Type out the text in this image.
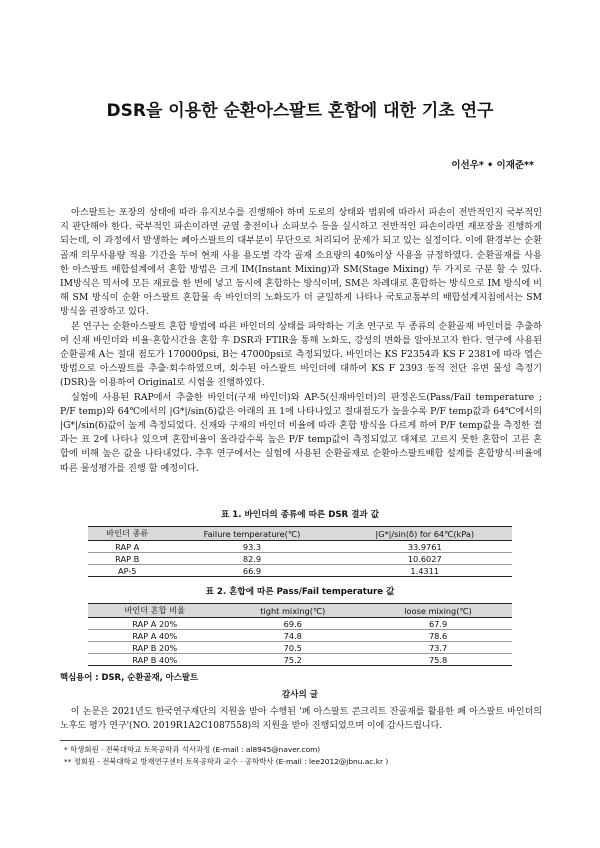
DSR을 이용한 순환아스팔트 혼합에 대한 기초 연구
이선우* • 이재준**

아스팔트는 포장의 상태에 따라 유지보수를 진행해야 하며 도로의 상태와 범위에 따라서 파손이 전반적인지 국부적인지 판단해야 한다. 국부적인 파손이라면 균열 충전이나 소파보수 등을 실시하고 전반적인 파손이라면 재포장을 진행하게 되는데, 이 과정에서 발생하는 폐아스팔트의 대부분이 무단으로 처리되어 문제가 되고 있는 실정이다. 이에 환경부는 순환골재 의무사용량 적용 기간을 두어 현재 사용 용도별 각각 골재 소요량의 40%이상 사용을 규정하였다. 순환골재를 사용한 아스팔트 배합설계에서 혼합 방법은 크게 IM(Instant Mixing)과 SM(Stage Mixing) 두 가지로 구분 할 수 있다. IM방식은 믹서에 모든 재료를 한 번에 넣고 동시에 혼합하는 방식이며, SM은 차례대로 혼합하는 방식으로 IM 방식에 비해 SM 방식이 순환 아스팔트 혼합물 속 바인더의 노화도가 더 균일하게 나타나 국토교통부의 배합설계지침에서는 SM 방식을 권장하고 있다.

본 연구는 순환아스팔트 혼합 방법에 따른 바인더의 상태를 파악하는 기초 연구로 두 종류의 순환골재 바인더를 추출하여 신재 바인더와 비율·혼합시간을 혼합 후 DSR과 FTIR을 통해 노화도, 강성의 변화를 알아보고자 한다. 연구에 사용된 순환골재 A는 절대 점도가 170000psi, B는 47000psi로 측정되었다. 바인더는 KS F2354과 KS F 2381에 따라 엡슨방법으로 아스팔트를 추출·회수하였으며, 회수된 아스팔트 바인더에 대하여 KS F 2393 동적 전단 유변 물성 측정기(DSR)을 이용하여 Original로 시험을 진행하였다.

실험에 사용된 RAP에서 추출한 바인더(구재 바인더)와 AP-5(신재바인더)의 판정온도(Pass/Fail temperature ; P/F temp)와 64℃에서의 |G*|/sin(δ)값은 아래의 표 1에 나타나있고 절대점도가 높을수록 P/F temp값과 64℃에서의 |G*|/sin(δ)값이 높게 측정되었다. 신재와 구재의 바인더 비율에 따라 혼합 방식을 다르게 하여 P/F temp값을 측정한 결과는 표 2에 나타나 있으며 혼합비율이 올라갈수록 높은 P/F temp값이 측정되었고 대체로 고르지 못한 혼합이 고른 혼합에 비해 높은 값을 나타내었다. 추후 연구에서는 실험에 사용된 순환골재로 순환아스팔트배합 설계를 혼합방식·비율에 따른 물성평가를 진행 할 예정이다.

표 1. 바인더의 종류에 따른 DSR 결과 값

바인더 종류	Failure temperature(℃)	|G*|/sin(δ) for 64℃(kPa)
RAP A	93.3	33.9761
RAP B	82.9	10.6027
AP-5	66.9	1.4311

표 2. 혼합에 따른 Pass/Fail temperature 값

바인더 혼합 비율	tight mixing(℃)	loose mixing(℃)
RAP A 20%	69.6	67.9
RAP A 40%	74.8	78.6
RAP B 20%	70.5	73.7
RAP B 40%	75.2	75.8
핵심용어 : DSR, 순환골재, 아스팔트
감사의 글

이 논문은 2021년도 한국연구재단의 지원을 받아 수행된 '폐 아스팔트 콘크리트 잔골재를 활용한 폐 아스팔트 바인더의 노후도 평가 연구'(NO. 2019R1A2C1087558)의 지원을 받아 진행되었으며 이에 감사드립니다.

* 학생회원 · 전북대학교 토목공학과 석사과정 (E-mail : al8945@naver.com)
** 정회원 · 전북대학교 방재연구센터 토목공학과 교수 · 공학박사 (E-mail : lee2012@jbnu.ac.kr )
